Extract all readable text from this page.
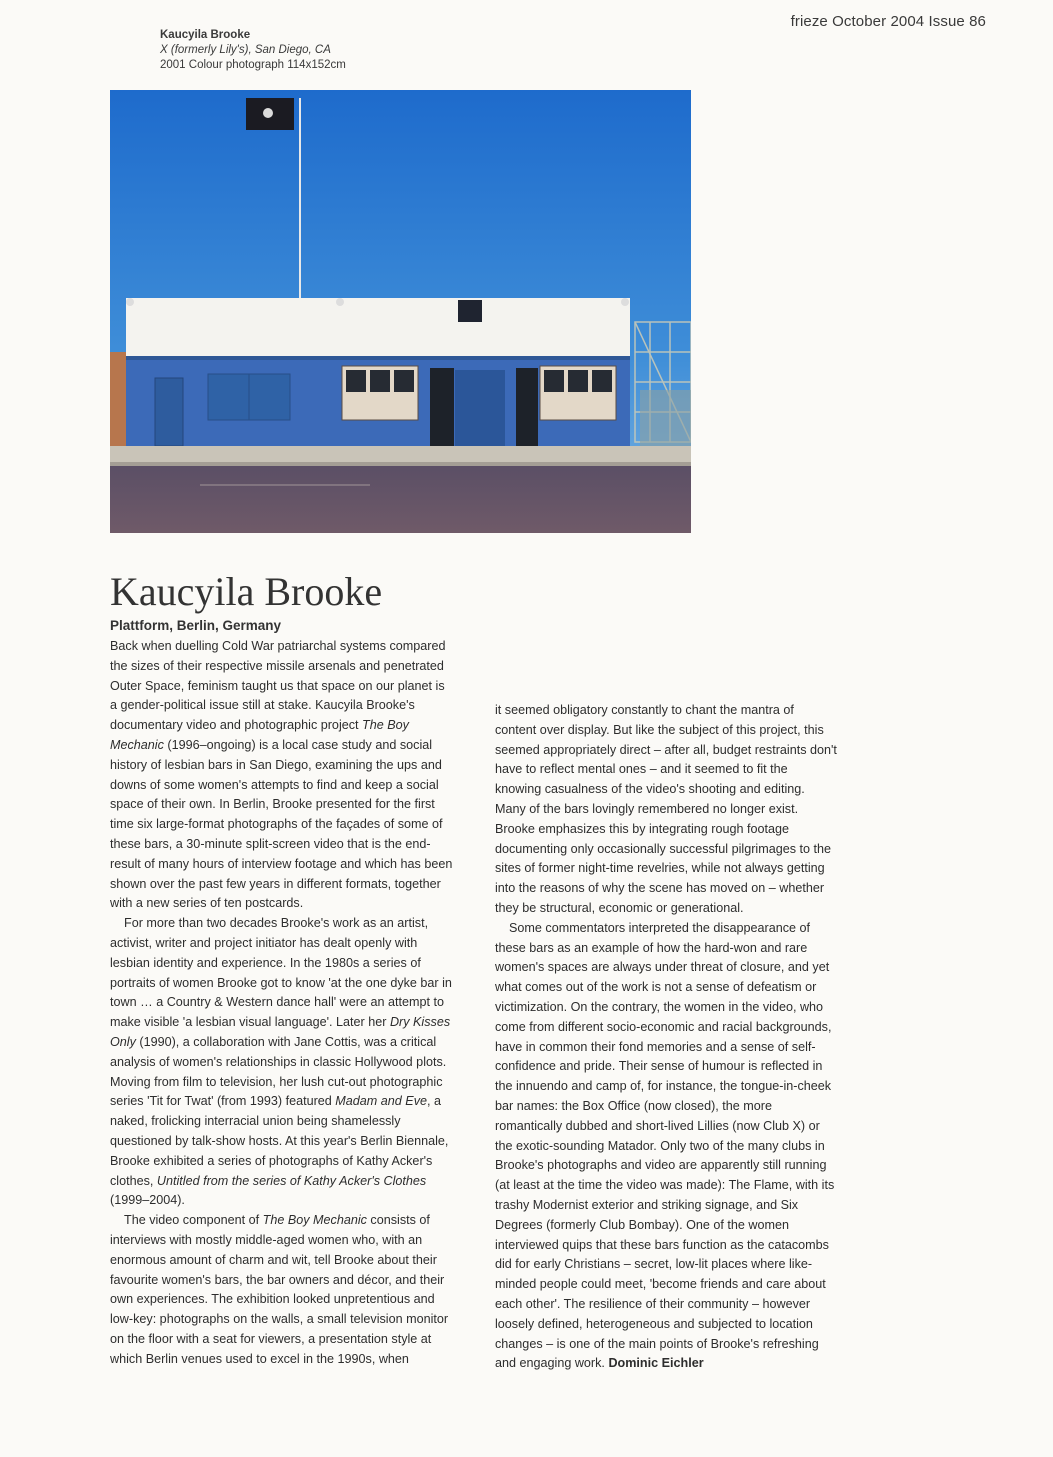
frieze October 2004 Issue 86
Kaucyila Brooke
X (formerly Lily's), San Diego, CA
2001 Colour photograph 114x152cm
Kaucyila Brooke
Plattform, Berlin, Germany

Back when duelling Cold War patriarchal systems compared the sizes of their respective missile arsenals and penetrated Outer Space, feminism taught us that space on our planet is a gender-political issue still at stake. Kaucyila Brooke's documentary video and photographic project The Boy Mechanic (1996–ongoing) is a local case study and social history of lesbian bars in San Diego, examining the ups and downs of some women's attempts to find and keep a social space of their own. In Berlin, Brooke presented for the first time six large-format photographs of the façades of some of these bars, a 30-minute split-screen video that is the end-result of many hours of interview footage and which has been shown over the past few years in different formats, together with a new series of ten postcards.

For more than two decades Brooke's work as an artist, activist, writer and project initiator has dealt openly with lesbian identity and experience. In the 1980s a series of portraits of women Brooke got to know 'at the one dyke bar in town … a Country & Western dance hall' were an attempt to make visible 'a lesbian visual language'. Later her Dry Kisses Only (1990), a collaboration with Jane Cottis, was a critical analysis of women's relationships in classic Hollywood plots. Moving from film to television, her lush cut-out photographic series 'Tit for Twat' (from 1993) featured Madam and Eve, a naked, frolicking interracial union being shamelessly questioned by talk-show hosts. At this year's Berlin Biennale, Brooke exhibited a series of photographs of Kathy Acker's clothes, Untitled from the series of Kathy Acker's Clothes (1999–2004).

The video component of The Boy Mechanic consists of interviews with mostly middle-aged women who, with an enormous amount of charm and wit, tell Brooke about their favourite women's bars, the bar owners and décor, and their own experiences. The exhibition looked unpretentious and low-key: photographs on the walls, a small television monitor on the floor with a seat for viewers, a presentation style at which Berlin venues used to excel in the 1990s, when

it seemed obligatory constantly to chant the mantra of content over display. But like the subject of this project, this seemed appropriately direct – after all, budget restraints don't have to reflect mental ones – and it seemed to fit the knowing casualness of the video's shooting and editing. Many of the bars lovingly remembered no longer exist. Brooke emphasizes this by integrating rough footage documenting only occasionally successful pilgrimages to the sites of former night-time revelries, while not always getting into the reasons of why the scene has moved on – whether they be structural, economic or generational.

Some commentators interpreted the disappearance of these bars as an example of how the hard-won and rare women's spaces are always under threat of closure, and yet what comes out of the work is not a sense of defeatism or victimization. On the contrary, the women in the video, who come from different socio-economic and racial backgrounds, have in common their fond memories and a sense of self-confidence and pride. Their sense of humour is reflected in the innuendo and camp of, for instance, the tongue-in-cheek bar names: the Box Office (now closed), the more romantically dubbed and short-lived Lillies (now Club X) or the exotic-sounding Matador. Only two of the many clubs in Brooke's photographs and video are apparently still running (at least at the time the video was made): The Flame, with its trashy Modernist exterior and striking signage, and Six Degrees (formerly Club Bombay). One of the women interviewed quips that these bars function as the catacombs did for early Christians – secret, low-lit places where like-minded people could meet, 'become friends and care about each other'. The resilience of their community – however loosely defined, heterogeneous and subjected to location changes – is one of the main points of Brooke's refreshing and engaging work. Dominic Eichler
